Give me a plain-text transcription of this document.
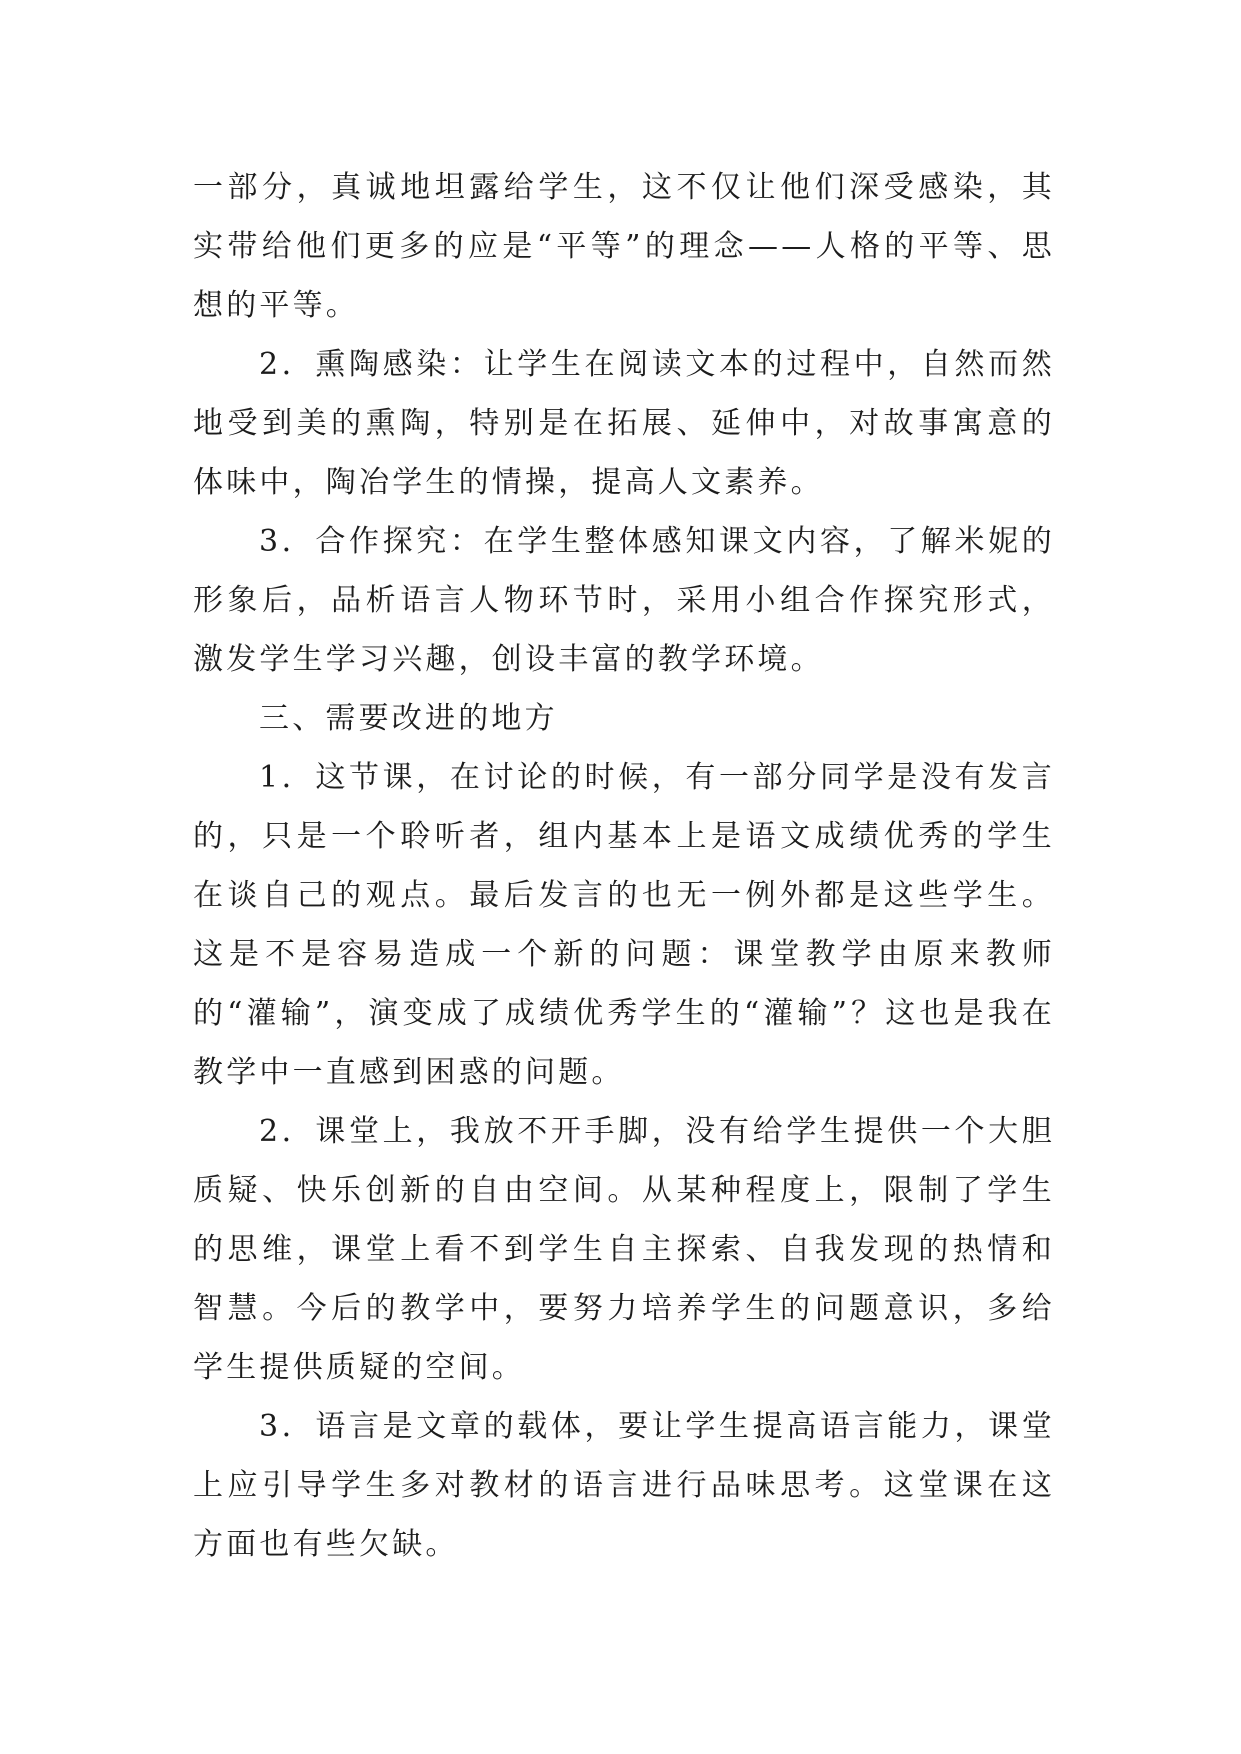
一部分，真诚地坦露给学生，这不仅让他们深受感染，其实带给他们更多的应是“平等”的理念——人格的平等、思想的平等。

2．熏陶感染：让学生在阅读文本的过程中，自然而然地受到美的熏陶，特别是在拓展、延伸中，对故事寓意的体味中，陶冶学生的情操，提高人文素养。

3．合作探究：在学生整体感知课文内容，了解米妮的形象后，品析语言人物环节时，采用小组合作探究形式，激发学生学习兴趣，创设丰富的教学环境。

三、需要改进的地方

1．这节课，在讨论的时候，有一部分同学是没有发言的，只是一个聆听者，组内基本上是语文成绩优秀的学生在谈自己的观点。最后发言的也无一例外都是这些学生。这是不是容易造成一个新的问题：课堂教学由原来教师的“灌输”，演变成了成绩优秀学生的“灌输”？这也是我在教学中一直感到困惑的问题。

2．课堂上，我放不开手脚，没有给学生提供一个大胆质疑、快乐创新的自由空间。从某种程度上，限制了学生的思维，课堂上看不到学生自主探索、自我发现的热情和智慧。今后的教学中，要努力培养学生的问题意识，多给学生提供质疑的空间。

3．语言是文章的载体，要让学生提高语言能力，课堂上应引导学生多对教材的语言进行品味思考。这堂课在这方面也有些欠缺。
